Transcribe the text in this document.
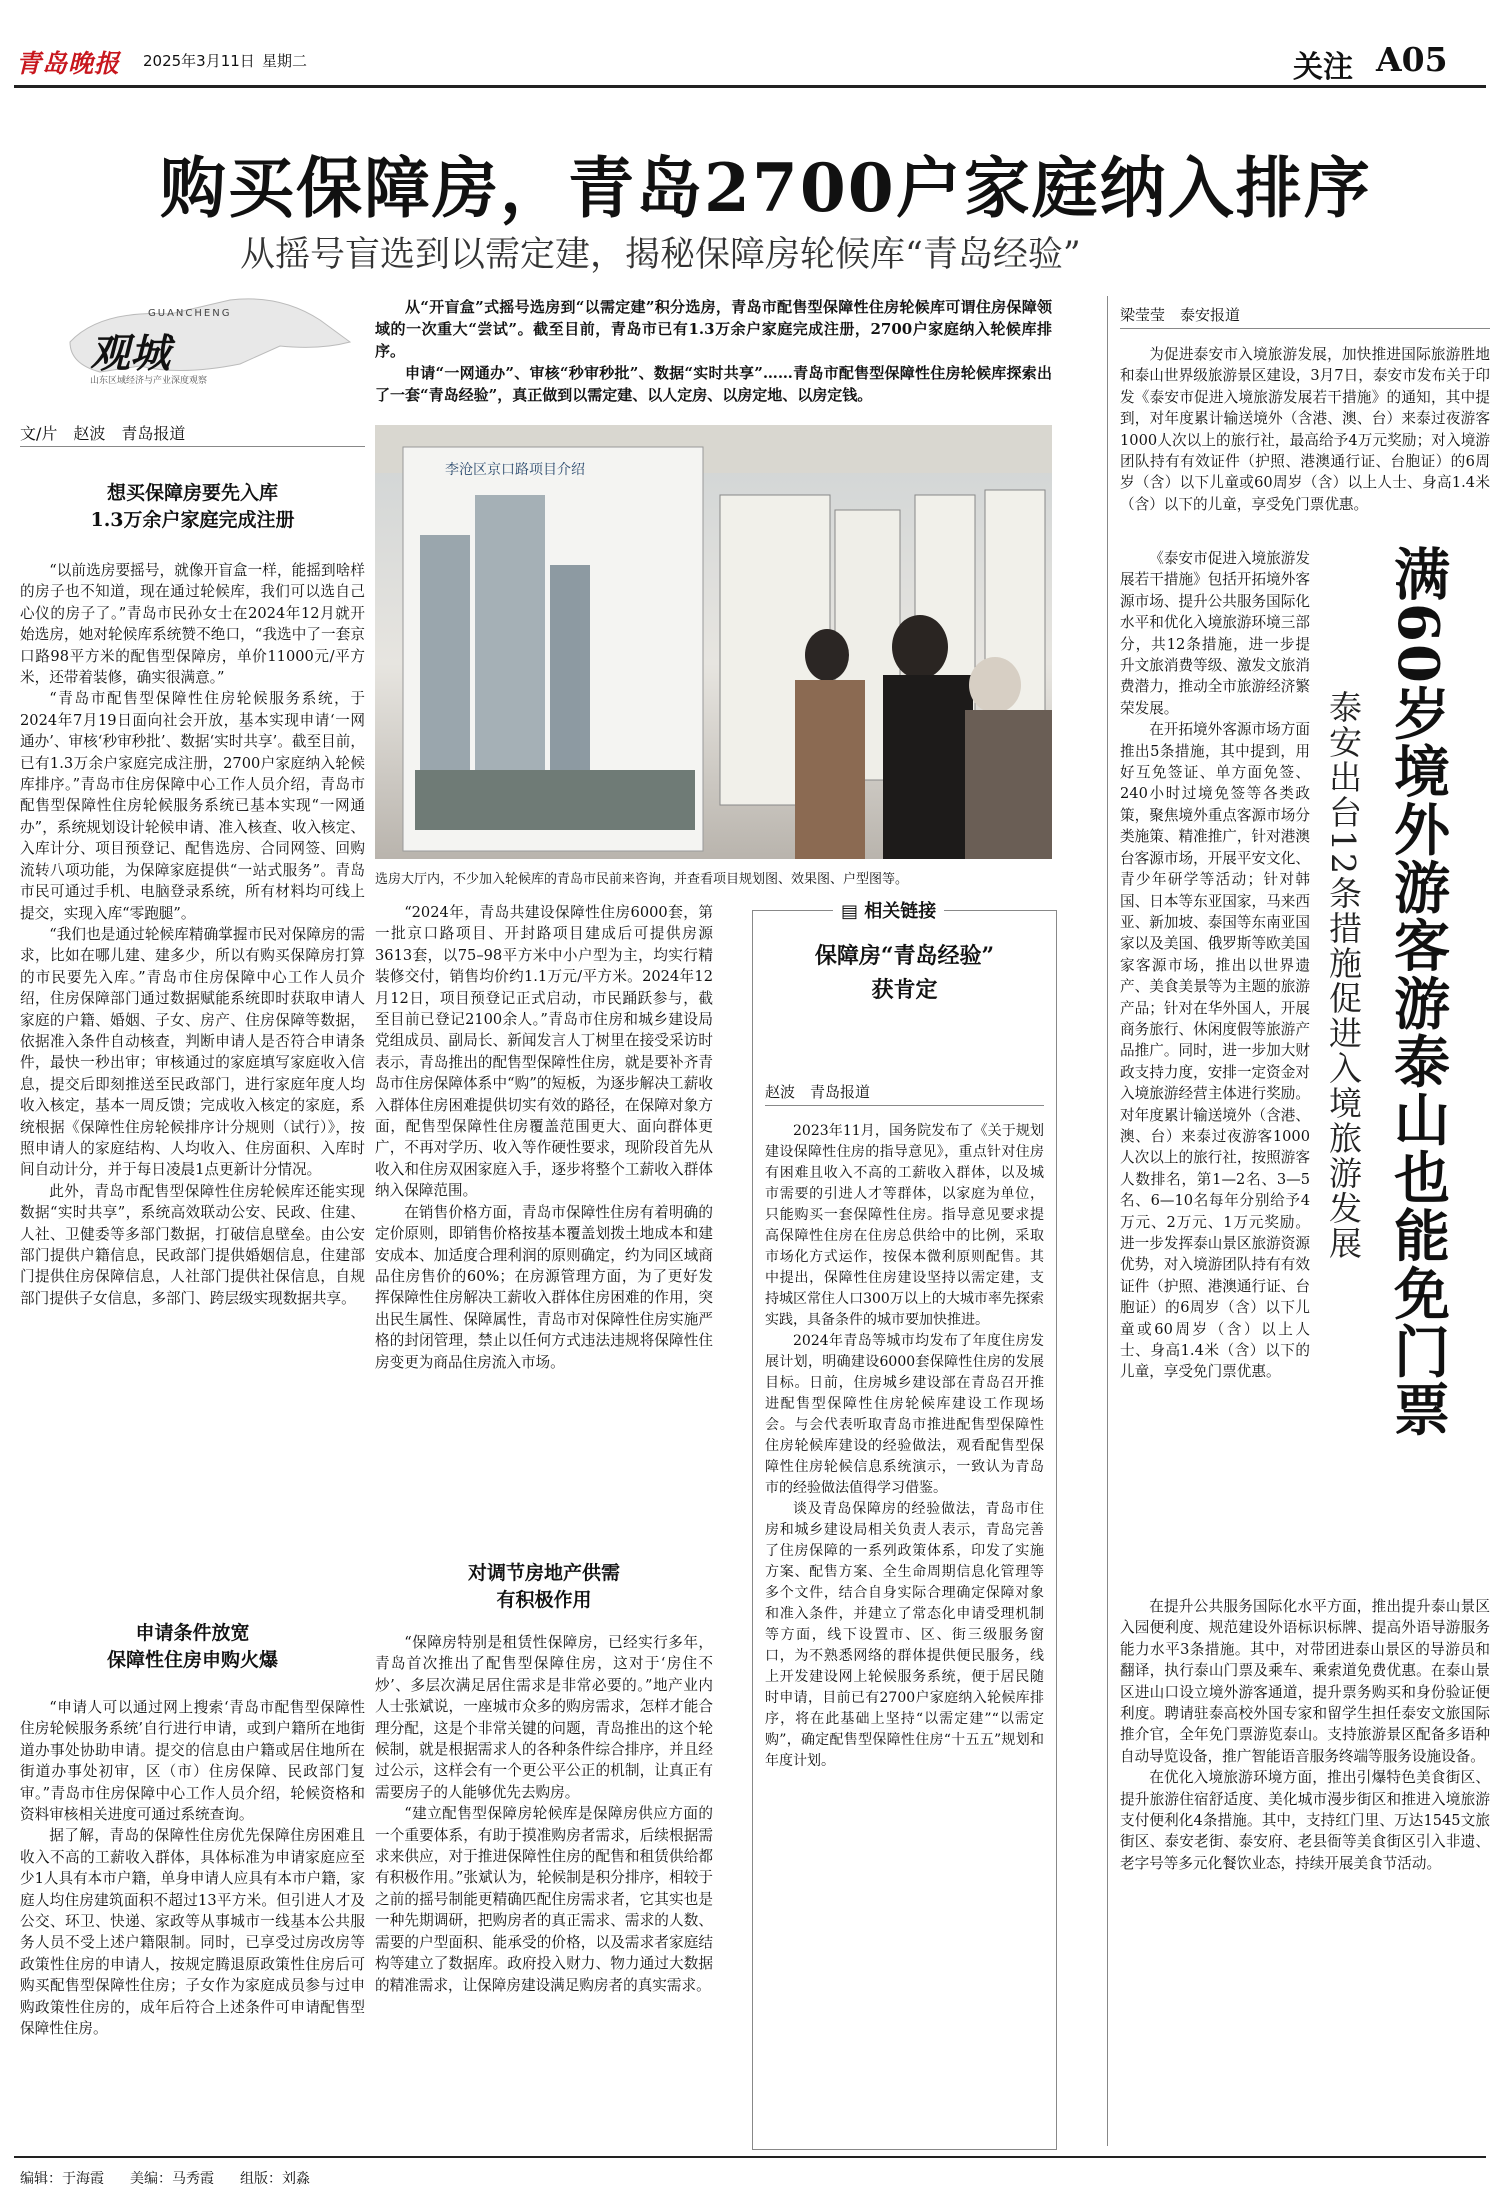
青岛晚报 2025年3月11日 星期二	关注 A05
购买保障房，青岛2700户家庭纳入排序
从摇号盲选到以需定建，揭秘保障房轮候库“青岛经验”
GUANCHENG
观城
山东区域经济与产业深度观察
文/片　赵波　青岛报道
想买保障房要先入库
1.3万余户家庭完成注册

“以前选房要摇号，就像开盲盒一样，能摇到啥样的房子也不知道，现在通过轮候库，我们可以选自己心仪的房子了。”青岛市民孙女士在2024年12月就开始选房，她对轮候库系统赞不绝口，“我选中了一套京口路98平方米的配售型保障房，单价11000元/平方米，还带着装修，确实很满意。”

“青岛市配售型保障性住房轮候服务系统，于2024年7月19日面向社会开放，基本实现申请‘一网通办’、审核‘秒审秒批’、数据‘实时共享’。截至目前，已有1.3万余户家庭完成注册，2700户家庭纳入轮候库排序。”青岛市住房保障中心工作人员介绍，青岛市配售型保障性住房轮候服务系统已基本实现“一网通办”，系统规划设计轮候申请、准入核查、收入核定、入库计分、项目预登记、配售选房、合同网签、回购流转八项功能，为保障家庭提供“一站式服务”。青岛市民可通过手机、电脑登录系统，所有材料均可线上提交，实现入库“零跑腿”。

“我们也是通过轮候库精确掌握市民对保障房的需求，比如在哪儿建、建多少，所以有购买保障房打算的市民要先入库。”青岛市住房保障中心工作人员介绍，住房保障部门通过数据赋能系统即时获取申请人家庭的户籍、婚姻、子女、房产、住房保障等数据，依据准入条件自动核查，判断申请人是否符合申请条件，最快一秒出审；审核通过的家庭填写家庭收入信息，提交后即刻推送至民政部门，进行家庭年度人均收入核定，基本一周反馈；完成收入核定的家庭，系统根据《保障性住房轮候排序计分规则（试行）》，按照申请人的家庭结构、人均收入、住房面积、入库时间自动计分，并于每日凌晨1点更新计分情况。

此外，青岛市配售型保障性住房轮候库还能实现数据“实时共享”，系统高效联动公安、民政、住建、人社、卫健委等多部门数据，打破信息壁垒。由公安部门提供户籍信息，民政部门提供婚姻信息，住建部门提供住房保障信息，人社部门提供社保信息，自规部门提供子女信息，多部门、跨层级实现数据共享。

申请条件放宽
保障性住房申购火爆

“申请人可以通过网上搜索‘青岛市配售型保障性住房轮候服务系统’自行进行申请，或到户籍所在地街道办事处协助申请。提交的信息由户籍或居住地所在街道办事处初审，区（市）住房保障、民政部门复审。”青岛市住房保障中心工作人员介绍，轮候资格和资料审核相关进度可通过系统查询。

据了解，青岛的保障性住房优先保障住房困难且收入不高的工薪收入群体，具体标准为申请家庭应至少1人具有本市户籍，单身申请人应具有本市户籍，家庭人均住房建筑面积不超过13平方米。但引进人才及公交、环卫、快递、家政等从事城市一线基本公共服务人员不受上述户籍限制。同时，已享受过房改房等政策性住房的申请人，按规定腾退原政策性住房后可购买配售型保障性住房；子女作为家庭成员参与过申购政策性住房的，成年后符合上述条件可申请配售型保障性住房。

从“开盲盒”式摇号选房到“以需定建”积分选房，青岛市配售型保障性住房轮候库可谓住房保障领域的一次重大“尝试”。截至目前，青岛市已有1.3万余户家庭完成注册，2700户家庭纳入轮候库排序。

申请“一网通办”、审核“秒审秒批”、数据“实时共享”……青岛市配售型保障性住房轮候库探索出了一套“青岛经验”，真正做到以需定建、以人定房、以房定地、以房定钱。

李沧区京口路项目介绍
选房大厅内，不少加入轮候库的青岛市民前来咨询，并查看项目规划图、效果图、户型图等。

“2024年，青岛共建设保障性住房6000套，第一批京口路项目、开封路项目建成后可提供房源3613套，以75–98平方米中小户型为主，均实行精装修交付，销售均价约1.1万元/平方米。2024年12月12日，项目预登记正式启动，市民踊跃参与，截至目前已登记2100余人。”青岛市住房和城乡建设局党组成员、副局长、新闻发言人丁树里在接受采访时表示，青岛推出的配售型保障性住房，就是要补齐青岛市住房保障体系中“购”的短板，为逐步解决工薪收入群体住房困难提供切实有效的路径，在保障对象方面，配售型保障性住房覆盖范围更大、面向群体更广，不再对学历、收入等作硬性要求，现阶段首先从收入和住房双困家庭入手，逐步将整个工薪收入群体纳入保障范围。

在销售价格方面，青岛市保障性住房有着明确的定价原则，即销售价格按基本覆盖划拨土地成本和建安成本、加适度合理利润的原则确定，约为同区域商品住房售价的60%；在房源管理方面，为了更好发挥保障性住房解决工薪收入群体住房困难的作用，突出民生属性、保障属性，青岛市对保障性住房实施严格的封闭管理，禁止以任何方式违法违规将保障性住房变更为商品住房流入市场。

对调节房地产供需
有积极作用

“保障房特别是租赁性保障房，已经实行多年，青岛首次推出了配售型保障住房，这对于‘房住不炒’、多层次满足居住需求是非常必要的。”地产业内人士张斌说，一座城市众多的购房需求，怎样才能合理分配，这是个非常关键的问题，青岛推出的这个轮候制，就是根据需求人的各种条件综合排序，并且经过公示，这样会有一个更公平公正的机制，让真正有需要房子的人能够优先去购房。

“建立配售型保障房轮候库是保障房供应方面的一个重要体系，有助于摸准购房者需求，后续根据需求来供应，对于推进保障性住房的配售和租赁供给都有积极作用。”张斌认为，轮候制是积分排序，相较于之前的摇号制能更精确匹配住房需求者，它其实也是一种先期调研，把购房者的真正需求、需求的人数、需要的户型面积、能承受的价格，以及需求者家庭结构等建立了数据库。政府投入财力、物力通过大数据的精准需求，让保障房建设满足购房者的真实需求。

▤ 相关链接
保障房“青岛经验”
获肯定
赵波　青岛报道

2023年11月，国务院发布了《关于规划建设保障性住房的指导意见》，重点针对住房有困难且收入不高的工薪收入群体，以及城市需要的引进人才等群体，以家庭为单位，只能购买一套保障性住房。指导意见要求提高保障性住房在住房总供给中的比例，采取市场化方式运作，按保本微利原则配售。其中提出，保障性住房建设坚持以需定建，支持城区常住人口300万以上的大城市率先探索实践，具备条件的城市要加快推进。

2024年青岛等城市均发布了年度住房发展计划，明确建设6000套保障性住房的发展目标。日前，住房城乡建设部在青岛召开推进配售型保障性住房轮候库建设工作现场会。与会代表听取青岛市推进配售型保障性住房轮候库建设的经验做法，观看配售型保障性住房轮候信息系统演示，一致认为青岛市的经验做法值得学习借鉴。

谈及青岛保障房的经验做法，青岛市住房和城乡建设局相关负责人表示，青岛完善了住房保障的一系列政策体系，印发了实施方案、配售方案、全生命周期信息化管理等多个文件，结合自身实际合理确定保障对象和准入条件，并建立了常态化申请受理机制等方面，线下设置市、区、街三级服务窗口，为不熟悉网络的群体提供便民服务，线上开发建设网上轮候服务系统，便于居民随时申请，目前已有2700户家庭纳入轮候库排序，将在此基础上坚持“以需定建”“以需定购”，确定配售型保障性住房“十五五”规划和年度计划。

梁莹莹　泰安报道

为促进泰安市入境旅游发展，加快推进国际旅游胜地和泰山世界级旅游景区建设，3月7日，泰安市发布关于印发《泰安市促进入境旅游发展若干措施》的通知，其中提到，对年度累计输送境外（含港、澳、台）来泰过夜游客1000人次以上的旅行社，最高给予4万元奖励；对入境游团队持有有效证件（护照、港澳通行证、台胞证）的6周岁（含）以下儿童或60周岁（含）以上人士、身高1.4米（含）以下的儿童，享受免门票优惠。

满60岁境外游客游泰山也能免门票
泰安出台12条措施促进入境旅游发展

《泰安市促进入境旅游发展若干措施》包括开拓境外客源市场、提升公共服务国际化水平和优化入境旅游环境三部分，共12条措施，进一步提升文旅消费等级、激发文旅消费潜力，推动全市旅游经济繁荣发展。

在开拓境外客源市场方面推出5条措施，其中提到，用好互免签证、单方面免签、240小时过境免签等各类政策，聚焦境外重点客源市场分类施策、精准推广，针对港澳台客源市场，开展平安文化、青少年研学等活动；针对韩国、日本等东亚国家，马来西亚、新加坡、泰国等东南亚国家以及美国、俄罗斯等欧美国家客源市场，推出以世界遗产、美食美景等为主题的旅游产品；针对在华外国人，开展商务旅行、休闲度假等旅游产品推广。同时，进一步加大财政支持力度，安排一定资金对入境旅游经营主体进行奖励。对年度累计输送境外（含港、澳、台）来泰过夜游客1000人次以上的旅行社，按照游客人数排名，第1—2名、3—5名、6—10名每年分别给予4万元、2万元、1万元奖励。进一步发挥泰山景区旅游资源优势，对入境游团队持有有效证件（护照、港澳通行证、台胞证）的6周岁（含）以下儿童或60周岁（含）以上人士、身高1.4米（含）以下的儿童，享受免门票优惠。

在提升公共服务国际化水平方面，推出提升泰山景区入园便利度、规范建设外语标识标牌、提高外语导游服务能力水平3条措施。其中，对带团进泰山景区的导游员和翻译，执行泰山门票及乘车、乘索道免费优惠。在泰山景区进山口设立境外游客通道，提升票务购买和身份验证便利度。聘请驻泰高校外国专家和留学生担任泰安文旅国际推介官，全年免门票游览泰山。支持旅游景区配备多语种自动导览设备，推广智能语音服务终端等服务设施设备。

在优化入境旅游环境方面，推出引爆特色美食街区、提升旅游住宿舒适度、美化城市漫步街区和推进入境旅游支付便利化4条措施。其中，支持红门里、万达1545文旅街区、泰安老街、泰安府、老县衙等美食街区引入非遗、老字号等多元化餐饮业态，持续开展美食节活动。

编辑：于海霞 美编：马秀霞 组版：刘淼
